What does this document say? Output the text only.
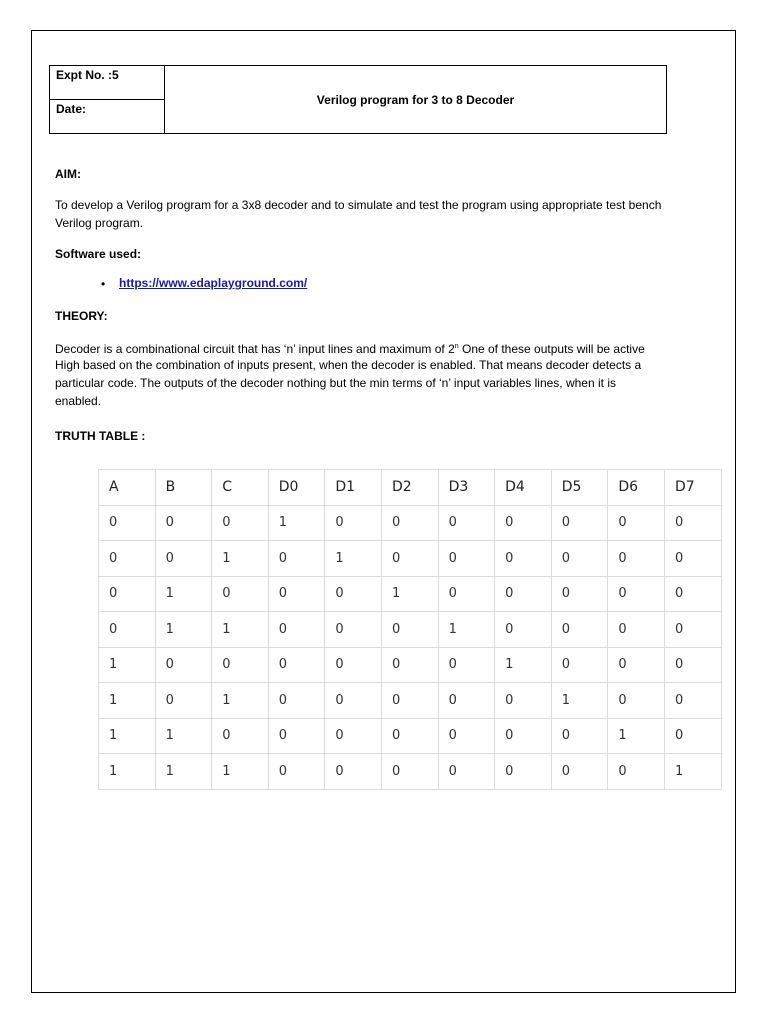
Expt No. :5
Date:
Verilog program for 3 to 8 Decoder
AIM:
To develop a Verilog program for a 3x8 decoder and to simulate and test the program using appropriate test bench
Verilog program.
Software used:
• https://www.edaplayground.com/
THEORY:
Decoder is a combinational circuit that has ‘n’ input lines and maximum of 2$^n$ One of these outputs will be active
High based on the combination of inputs present, when the decoder is enabled. That means decoder detects a
particular code. The outputs of the decoder nothing but the min terms of ‘n’ input variables lines, when it is
enabled.
TRUTH TABLE :
A	B	C	D0	D1	D2	D3	D4	D5	D6	D7
0	0	0	1	0	0	0	0	0	0	0
0	0	1	0	1	0	0	0	0	0	0
0	1	0	0	0	1	0	0	0	0	0
0	1	1	0	0	0	1	0	0	0	0
1	0	0	0	0	0	0	1	0	0	0
1	0	1	0	0	0	0	0	1	0	0
1	1	0	0	0	0	0	0	0	1	0
1	1	1	0	0	0	0	0	0	0	1
